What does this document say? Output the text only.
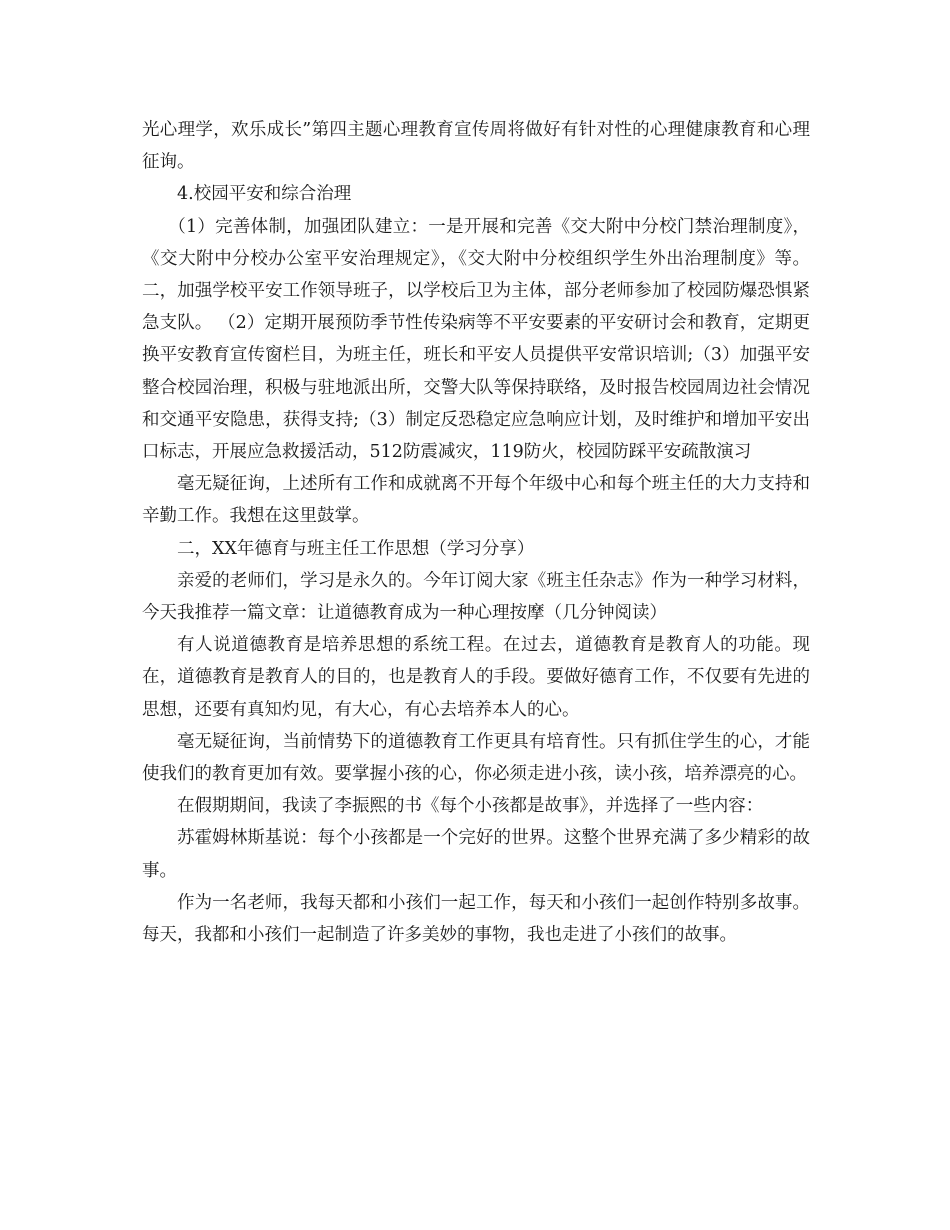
光心理学，欢乐成长”第四主题心理教育宣传周将做好有针对性的心理健康教育和心理征询。

4.校园平安和综合治理

（1）完善体制，加强团队建立：一是开展和完善《交大附中分校门禁治理制度》，《交大附中分校办公室平安治理规定》，《交大附中分校组织学生外出治理制度》等。二，加强学校平安工作领导班子，以学校后卫为主体，部分老师参加了校园防爆恐惧紧急支队。 （2）定期开展预防季节性传染病等不平安要素的平安研讨会和教育，定期更换平安教育宣传窗栏目，为班主任，班长和平安人员提供平安常识培训;（3）加强平安整合校园治理，积极与驻地派出所，交警大队等保持联络，及时报告校园周边社会情况和交通平安隐患，获得支持;（3）制定反恐稳定应急响应计划，及时维护和增加平安出口标志，开展应急救援活动，512防震减灾，119防火，校园防踩平安疏散演习

毫无疑征询，上述所有工作和成就离不开每个年级中心和每个班主任的大力支持和辛勤工作。我想在这里鼓掌。

二，XX年德育与班主任工作思想（学习分享）

亲爱的老师们，学习是永久的。今年订阅大家《班主任杂志》作为一种学习材料，今天我推荐一篇文章：让道德教育成为一种心理按摩（几分钟阅读）

有人说道德教育是培养思想的系统工程。在过去，道德教育是教育人的功能。现在，道德教育是教育人的目的，也是教育人的手段。要做好德育工作，不仅要有先进的思想，还要有真知灼见，有大心，有心去培养本人的心。

毫无疑征询，当前情势下的道德教育工作更具有培育性。只有抓住学生的心，才能使我们的教育更加有效。要掌握小孩的心，你必须走进小孩，读小孩，培养漂亮的心。

在假期期间，我读了李振熙的书《每个小孩都是故事》，并选择了一些内容：

苏霍姆林斯基说：每个小孩都是一个完好的世界。这整个世界充满了多少精彩的故事。

作为一名老师，我每天都和小孩们一起工作，每天和小孩们一起创作特别多故事。每天，我都和小孩们一起制造了许多美妙的事物，我也走进了小孩们的故事。
